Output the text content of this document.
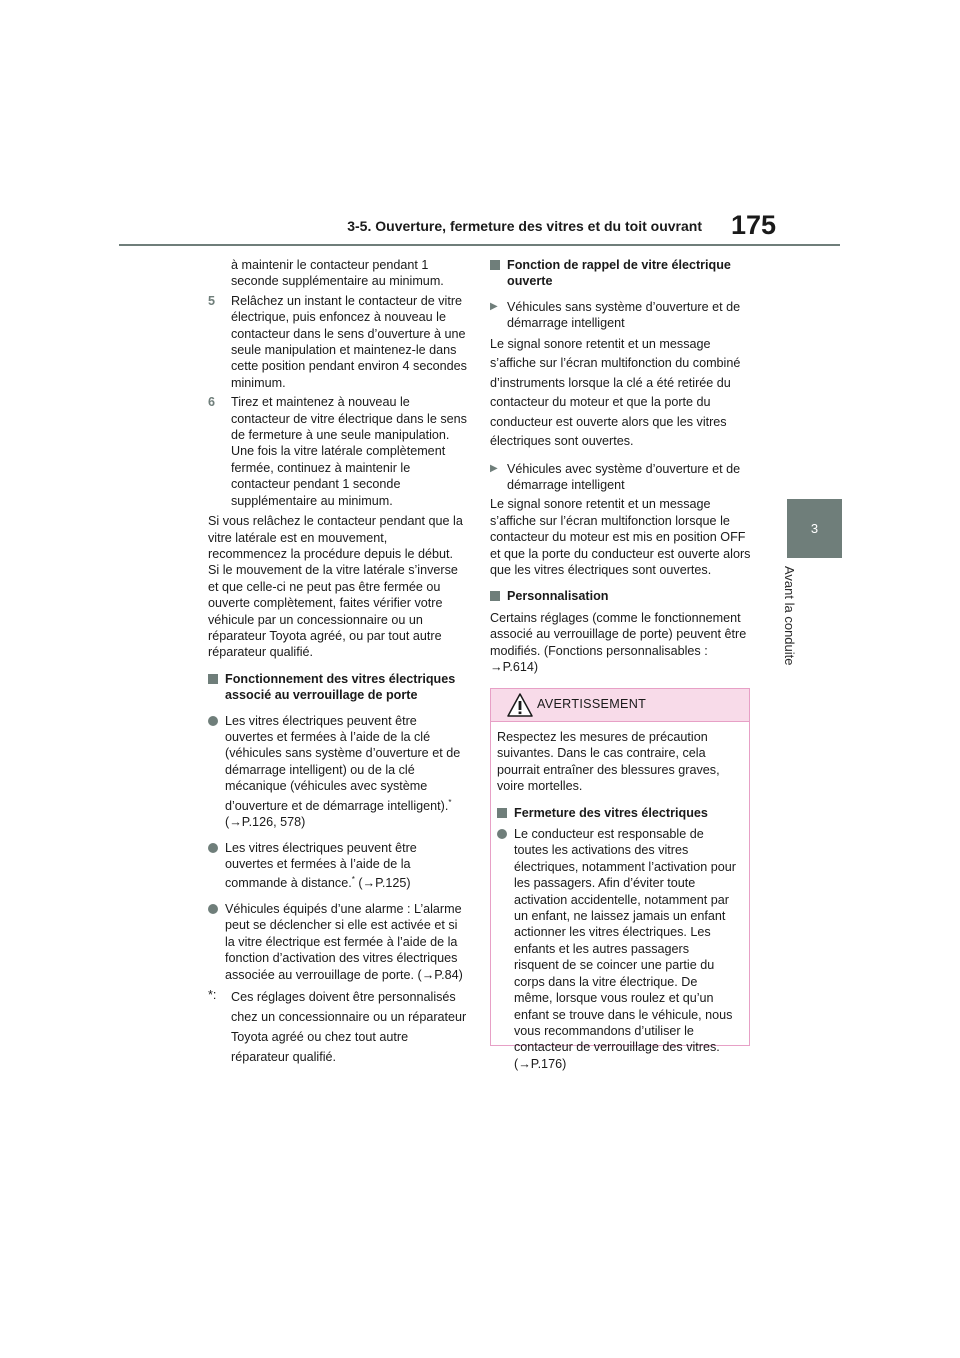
3-5. Ouverture, fermeture des vitres et du toit ouvrant	175
3
Avant la conduite

à maintenir le contacteur pendant 1 seconde supplémentaire au minimum.

5	Relâchez un instant le contacteur de vitre électrique, puis enfoncez à nouveau le contacteur dans le sens d’ouverture à une seule manipulation et maintenez-le dans cette position pendant environ 4 secondes minimum.
6	Tirez et maintenez à nouveau le contacteur de vitre électrique dans le sens de fermeture à une seule manipulation. Une fois la vitre latérale complètement fermée, continuez à maintenir le contacteur pendant 1 seconde supplémentaire au minimum.

Si vous relâchez le contacteur pendant que la vitre latérale est en mouvement, recommencez la procédure depuis le début.

Si le mouvement de la vitre latérale s’inverse et que celle-ci ne peut pas être fermée ou ouverte complètement, faites vérifier votre véhicule par un concessionnaire ou un réparateur Toyota agréé, ou par tout autre réparateur qualifié.

Fonctionnement des vitres électriques associé au verrouillage de porte

Les vitres électriques peuvent être ouvertes et fermées à l’aide de la clé (véhicules sans système d’ouverture et de démarrage intelligent) ou de la clé mécanique (véhicules avec système d’ouverture et de démarrage intelligent).* (→P.126, 578)
Les vitres électriques peuvent être ouvertes et fermées à l’aide de la commande à distance.* (→P.125)
Véhicules équipés d’une alarme : L’alarme peut se déclencher si elle est activée et si la vitre électrique est fermée à l’aide de la fonction d’activation des vitres électriques associée au verrouillage de porte. (→P.84)
*:	Ces réglages doivent être personnalisés chez un concessionnaire ou un réparateur Toyota agréé ou chez tout autre réparateur qualifié.

Fonction de rappel de vitre électrique ouverte

▶ Véhicules sans système d’ouverture et de démarrage intelligent

Le signal sonore retentit et un message s’affiche sur l’écran multifonction du combiné d’instruments lorsque la clé a été retirée du contacteur du moteur et que la porte du conducteur est ouverte alors que les vitres électriques sont ouvertes.

▶ Véhicules avec système d’ouverture et de démarrage intelligent

Le signal sonore retentit et un message s’affiche sur l’écran multifonction lorsque le contacteur du moteur est mis en position OFF et que la porte du conducteur est ouverte alors que les vitres électriques sont ouvertes.

Personnalisation

Certains réglages (comme le fonctionnement associé au verrouillage de porte) peuvent être modifiés. (Fonctions personnalisables : →P.614)

AVERTISSEMENT

Respectez les mesures de précaution suivantes. Dans le cas contraire, cela pourrait entraîner des blessures graves, voire mortelles.

Fermeture des vitres électriques

Le conducteur est responsable de toutes les activations des vitres électriques, notamment l’activation pour les passagers. Afin d’éviter toute activation accidentelle, notamment par un enfant, ne laissez jamais un enfant actionner les vitres électriques. Les enfants et les autres passagers risquent de se coincer une partie du corps dans la vitre électrique. De même, lorsque vous roulez et qu’un enfant se trouve dans le véhicule, nous vous recommandons d’utiliser le contacteur de verrouillage des vitres. (→P.176)
